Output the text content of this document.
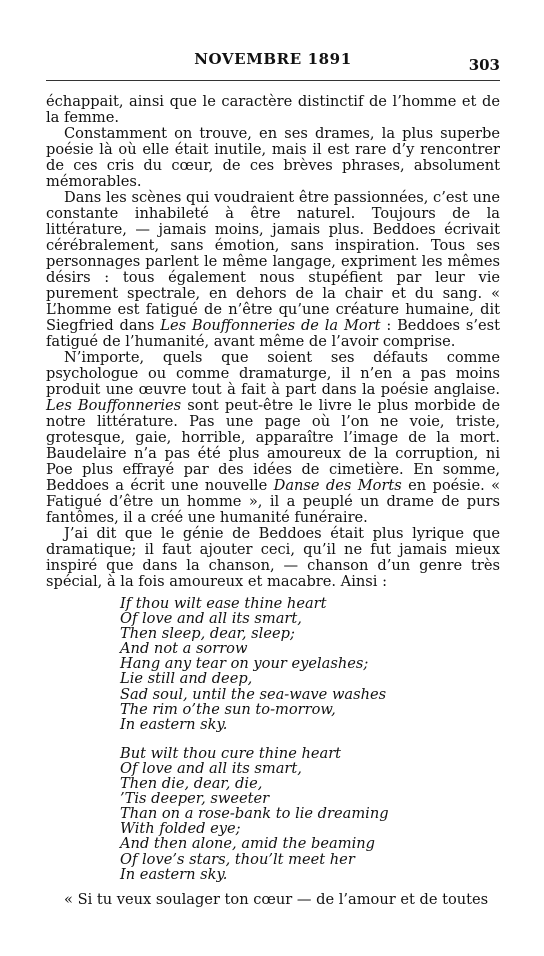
NOVEMBRE 1891	303

échappait, ainsi que le caractère distinctif de l’homme et de la femme.

Constamment on trouve, en ses drames, la plus superbe poésie là où elle était inutile, mais il est rare d’y rencontrer de ces cris du cœur, de ces brèves phrases, absolument mémorables.

Dans les scènes qui voudraient être passionnées, c’est une constante inhabileté à être naturel. Toujours de la littérature, — jamais moins, jamais plus. Beddoes écrivait cérébralement, sans émotion, sans inspiration. Tous ses personnages parlent le même langage, expriment les mêmes désirs : tous également nous stupéfient par leur vie purement spectrale, en dehors de la chair et du sang. « L’homme est fatigué de n’être qu’une créature humaine, dit Siegfried dans Les Bouffonneries de la Mort : Beddoes s’est fatigué de l’humanité, avant même de l’avoir comprise.

N’importe, quels que soient ses défauts comme psychologue ou comme dramaturge, il n’en a pas moins produit une œuvre tout à fait à part dans la poésie anglaise. Les Bouffonneries sont peut-être le livre le plus morbide de notre littérature. Pas une page où l’on ne voie, triste, grotesque, gaie, horrible, apparaître l’image de la mort. Baudelaire n’a pas été plus amoureux de la corruption, ni Poe plus effrayé par des idées de cimetière. En somme, Beddoes a écrit une nouvelle Danse des Morts en poésie. « Fatigué d’être un homme », il a peuplé un drame de purs fantômes, il a créé une humanité funéraire.

J’ai dit que le génie de Beddoes était plus lyrique que dramatique; il faut ajouter ceci, qu’il ne fut jamais mieux inspiré que dans la chanson, — chanson d’un genre très spécial, à la fois amoureux et macabre. Ainsi :

If thou wilt ease thine heart
Of love and all its smart,
Then sleep, dear, sleep;
And not a sorrow
Hang any tear on your eyelashes;
Lie still and deep,
Sad soul, until the sea-wave washes
The rim o’the sun to-morrow,
In eastern sky.
But wilt thou cure thine heart
Of love and all its smart,
Then die, dear, die,
’Tis deeper, sweeter
Than on a rose-bank to lie dreaming
With folded eye;
And then alone, amid the beaming
Of love’s stars, thou’lt meet her
In eastern sky.

« Si tu veux soulager ton cœur — de l’amour et de toutes
